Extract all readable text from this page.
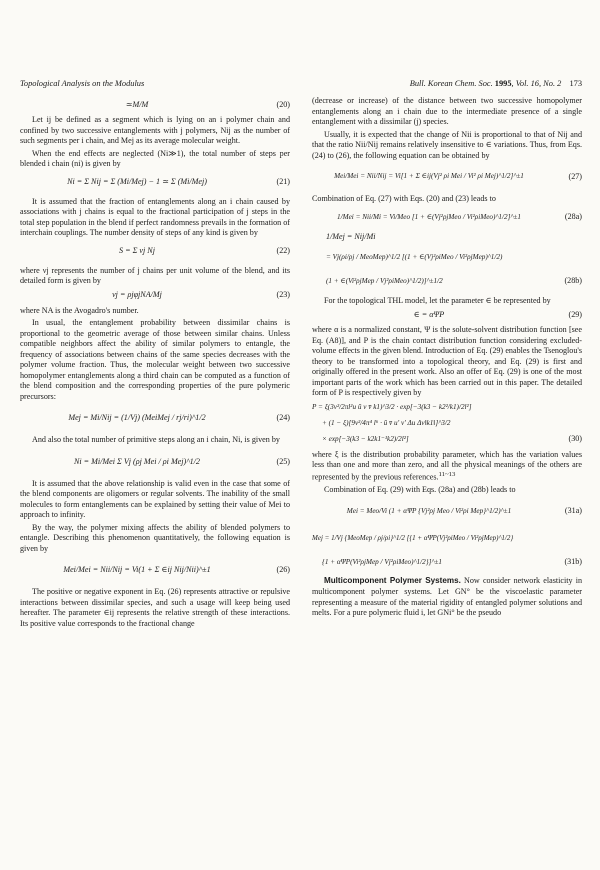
Topological Analysis on the Modulus	Bull. Korean Chem. Soc. 1995, Vol. 16, No. 2 173
≃M/M	(20)

Let ij be defined as a segment which is lying on an i polymer chain and confined by two successive entanglements with j polymers, Nij as the number of such segments per i chain, and Mej as its average molecular weight.

When the end effects are neglected (Ni≫1), the total number of steps per blended i chain (ni) is given by

Ni = Σ Nij = Σ (Mi/Mej) − 1 ≃ Σ (Mi/Mej)	(21)

It is assumed that the fraction of entanglements along an i chain caused by associations with j chains is equal to the fractional participation of j steps in the total step population in the blend if perfect randomness prevails in the formation of interchain couplings. The number density of steps of any kind is given by

S = Σ νj Nj	(22)

where νj represents the number of j chains per unit volume of the blend, and its detailed form is given by

νj = ρjφjNA/Mj	(23)

where NA is the Avogadro's number.

In usual, the entanglement probability between dissimilar chains is proportional to the geometric average of those between similar chains. Unless compatible neighbors affect the ability of similar polymers to entangle, the frequency of associations between chains of the same species decreases with the polymer volume fraction. Thus, the molecular weight between two successive homopolymer entanglements along a third chain can be computed as a function of the blend composition and the corresponding properties of the pure polymeric precursors:

Mej = Mi/Nij = (1/Vj) (MeiMej / rj/ri)^1/2	(24)

And also the total number of primitive steps along an i chain, Ni, is given by

Ni = Mi/Mei Σ Vj (ρj Mei / ρi Mej)^1/2	(25)

It is assumed that the above relationship is valid even in the case that some of the blend components are oligomers or regular solvents. The inability of the small molecules to form entanglements can be explained by setting their value of Mei to approach to infinity.

By the way, the polymer mixing affects the ability of blended polymers to entangle. Describing this phenomenon quantitatively, the following equation is given by

Mei/Mei = Nii/Nij = Vi(1 + Σ ∈ij Nij/Nii)^±1	(26)

The positive or negative exponent in Eq. (26) represents attractive or repulsive interactions between dissimilar species, and such a usage will keep being used hereafter. The parameter ∈ij represents the relative strength of these interactions. Its positive value corresponds to the fractional change

(decrease or increase) of the distance between two successive homopolymer entanglements along an i chain due to the intermediate presence of a single entanglement with a dissimilar (j) species.

Usually, it is expected that the change of Nii is proportional to that of Nij and that the ratio Nii/Nij remains relatively insensitive to ∈ variations. Thus, from Eqs. (24) to (26), the following equation can be obtained by

Mei/Mei = Nii/Nij = Vi[1 + Σ ∈ij(Vj² ρi Mei / Vi² ρi Mej)^1/2]^±1	(27)

Combination of Eq. (27) with Eqs. (20) and (23) leads to

1/Mei = Nii/Mi = Vi/Meo [1 + ∈(Vj²ρjMeo / Vi²ρiMeo)^1/2]^±1	(28a)
1/Mej = Nij/Mi
= Vj(ρi/ρj / MeoMep)^1/2 [(1 + ∈(Vj²ρiMeo / Vi²ρjMep)^1/2)
(1 + ∈(Vi²ρjMep / Vj²ρiMeo)^1/2)]^±1/2	(28b)

For the topological THL model, let the parameter ∈ be represented by

∈ = αΨP	(29)

where α is a normalized constant, Ψ is the solute-solvent distribution function [see Eq. (A8)], and P is the chain contact distribution function considering excluded-volume effects in the given blend. Introduction of Eq. (29) enables the Tsenoglou's theory to be transformed into a topological theory, and Eq. (29) is first and originally offered in the present work. Also an offer of Eq. (29) is one of the most important parts of the work which has been carried out in this paper. The detailed form of P is respectively given by

P = ξ(3ν²/2πl²u ū v v̄ k1)^3/2 · exp[−3(k3 − k2²/k1)/2l²]
+ (1 − ξ)[9ν²/4π⁴ l⁶ · ū v̄ u′ v′ Δu Δv‖k1‖]^3/2
× exp[−3(k3 − k2k1⁻¹k2)/2l²]	(30)

where ξ is the distribution probability parameter, which has the variation values less than one and more than zero, and all the physical meanings of the others are represented by the previous references.$^{11\sim 13}$

Combination of Eq. (29) with Eqs. (28a) and (28b) leads to

Mei = Meo/Vi (1 + αΨP {Vj²ρj Meo / Vi²ρi Mep}^1/2)^±1	(31a)
Mej = 1/Vj {MeoMep / ρj/ρi}^1/2 [{1 + αΨP(Vj²ρiMeo / Vi²ρjMep)^1/2}
{1 + αΨP(Vi²ρjMep / Vj²ρiMeo)^1/2}]^±1	(31b)

Multicomponent Polymer Systems. Now consider network elasticity in multicomponent polymer systems. Let GN° be the viscoelastic parameter representing a measure of the material rigidity of entangled polymer solutions and melts. For a pure polymeric fluid i, let GNi° be the pseudo
